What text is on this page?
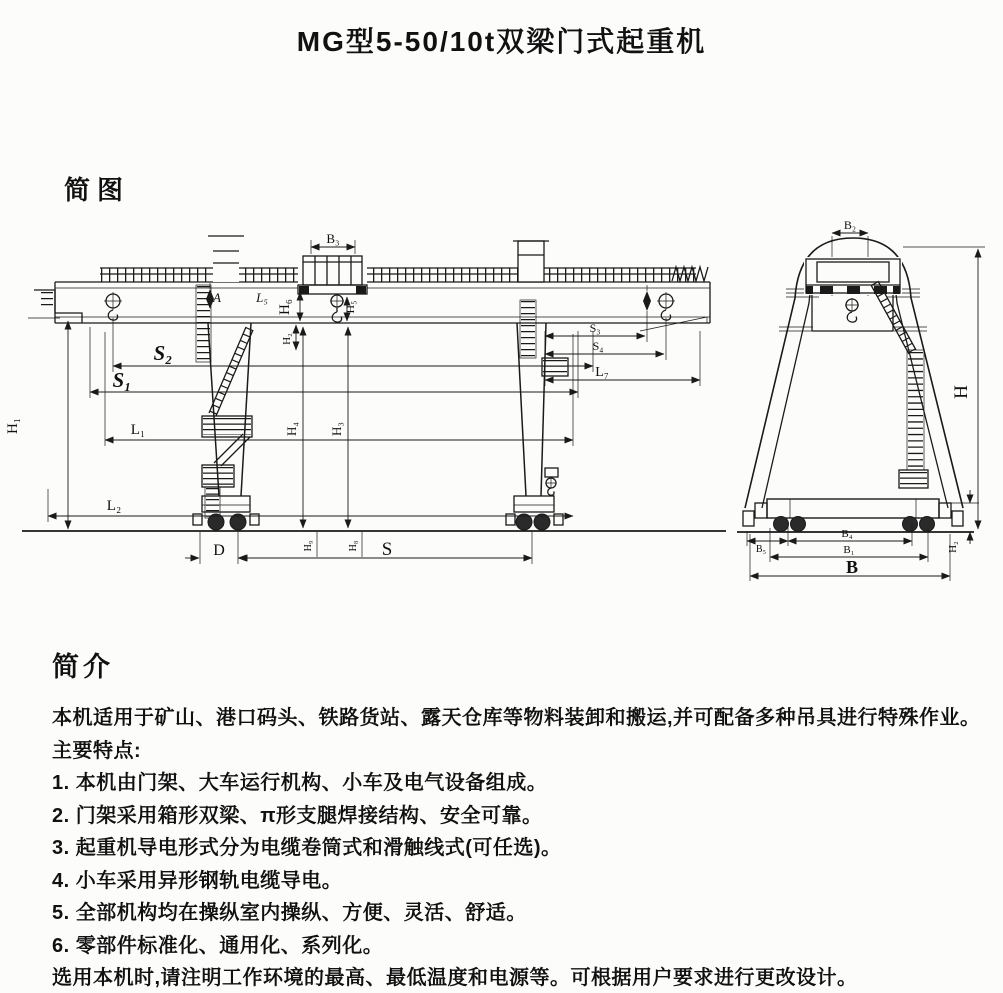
MG型5-50/10t双梁门式起重机
简图
B₃
A	L₅
S₂
S₁
H₁	L₁
L₂
S₃
S₄
L₇
H₆	H₅
H₂
H₄ H₃
H₉	H₈
D	S
B₂
H
H₂
B₅
B₄
B₁
B
简介
本机适用于矿山、港口码头、铁路货站、露天仓库等物料装卸和搬运,并可配备多种吊具进行特殊作业。
主要特点:
1. 本机由门架、大车运行机构、小车及电气设备组成。
2. 门架采用箱形双梁、π形支腿焊接结构、安全可靠。
3. 起重机导电形式分为电缆卷筒式和滑触线式(可任选)。
4. 小车采用异形钢轨电缆导电。
5. 全部机构均在操纵室内操纵、方便、灵活、舒适。
6. 零部件标准化、通用化、系列化。
选用本机时,请注明工作环境的最高、最低温度和电源等。可根据用户要求进行更改设计。
